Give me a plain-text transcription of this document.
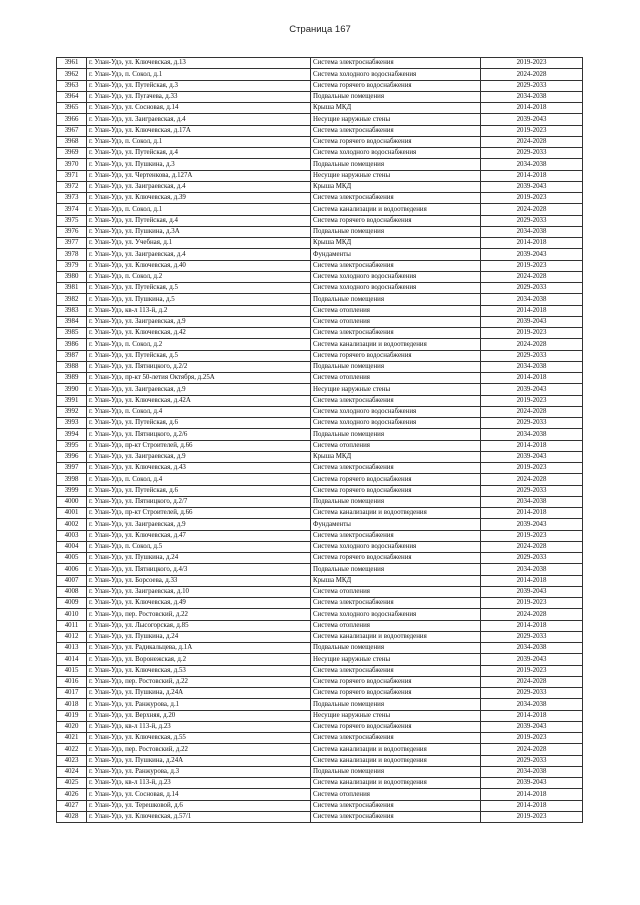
Страница 167
3961	г. Улан-Удэ, ул. Ключевская, д.13	Система электроснабжения	2019-2023
3962	г. Улан-Удэ, п. Сокол, д.1	Система холодного водоснабжения	2024-2028
3963	г. Улан-Удэ, ул. Путейская, д.3	Система горячего водоснабжения	2029-2033
3964	г. Улан-Удэ, ул. Пугачева, д.33	Подвальные помещения	2034-2038
3965	г. Улан-Удэ, ул. Сосновая, д.14	Крыша МКД	2014-2018
3966	г. Улан-Удэ, ул. Заиграевская, д.4	Несущие наружные стены	2039-2043
3967	г. Улан-Удэ, ул. Ключевская, д.17А	Система электроснабжения	2019-2023
3968	г. Улан-Удэ, п. Сокол, д.1	Система горячего водоснабжения	2024-2028
3969	г. Улан-Удэ, ул. Путейская, д.4	Система холодного водоснабжения	2029-2033
3970	г. Улан-Удэ, ул. Пушкина, д.3	Подвальные помещения	2034-2038
3971	г. Улан-Удэ, ул. Чертенкова, д.127А	Несущие наружные стены	2014-2018
3972	г. Улан-Удэ, ул. Заиграевская, д.4	Крыша МКД	2039-2043
3973	г. Улан-Удэ, ул. Ключевская, д.39	Система электроснабжения	2019-2023
3974	г. Улан-Удэ, п. Сокол, д.1	Система канализации и водоотведения	2024-2028
3975	г. Улан-Удэ, ул. Путейская, д.4	Система горячего водоснабжения	2029-2033
3976	г. Улан-Удэ, ул. Пушкина, д.3А	Подвальные помещения	2034-2038
3977	г. Улан-Удэ, ул. Учебная, д.1	Крыша МКД	2014-2018
3978	г. Улан-Удэ, ул. Заиграевская, д.4	Фундаменты	2039-2043
3979	г. Улан-Удэ, ул. Ключевская, д.40	Система электроснабжения	2019-2023
3980	г. Улан-Удэ, п. Сокол, д.2	Система холодного водоснабжения	2024-2028
3981	г. Улан-Удэ, ул. Путейская, д.5	Система холодного водоснабжения	2029-2033
3982	г. Улан-Удэ, ул. Пушкина, д.5	Подвальные помещения	2034-2038
3983	г. Улан-Удэ, кв-л 113-й, д.2	Система отопления	2014-2018
3984	г. Улан-Удэ, ул. Заиграевская, д.9	Система отопления	2039-2043
3985	г. Улан-Удэ, ул. Ключевская, д.42	Система электроснабжения	2019-2023
3986	г. Улан-Удэ, п. Сокол, д.2	Система канализации и водоотведения	2024-2028
3987	г. Улан-Удэ, ул. Путейская, д.5	Система горячего водоснабжения	2029-2033
3988	г. Улан-Удэ, ул. Пятницкого, д.2/2	Подвальные помещения	2034-2038
3989	г. Улан-Удэ, пр-кт 50-летия Октября, д.25А	Система отопления	2014-2018
3990	г. Улан-Удэ, ул. Заиграевская, д.9	Несущие наружные стены	2039-2043
3991	г. Улан-Удэ, ул. Ключевская, д.42А	Система электроснабжения	2019-2023
3992	г. Улан-Удэ, п. Сокол, д.4	Система холодного водоснабжения	2024-2028
3993	г. Улан-Удэ, ул. Путейская, д.6	Система холодного водоснабжения	2029-2033
3994	г. Улан-Удэ, ул. Пятницкого, д.2/6	Подвальные помещения	2034-2038
3995	г. Улан-Удэ, пр-кт Строителей, д.66	Система отопления	2014-2018
3996	г. Улан-Удэ, ул. Заиграевская, д.9	Крыша МКД	2039-2043
3997	г. Улан-Удэ, ул. Ключевская, д.43	Система электроснабжения	2019-2023
3998	г. Улан-Удэ, п. Сокол, д.4	Система горячего водоснабжения	2024-2028
3999	г. Улан-Удэ, ул. Путейская, д.6	Система горячего водоснабжения	2029-2033
4000	г. Улан-Удэ, ул. Пятницкого, д.2/7	Подвальные помещения	2034-2038
4001	г. Улан-Удэ, пр-кт Строителей, д.66	Система канализации и водоотведения	2014-2018
4002	г. Улан-Удэ, ул. Заиграевская, д.9	Фундаменты	2039-2043
4003	г. Улан-Удэ, ул. Ключевская, д.47	Система электроснабжения	2019-2023
4004	г. Улан-Удэ, п. Сокол, д.5	Система холодного водоснабжения	2024-2028
4005	г. Улан-Удэ, ул. Пушкина, д.24	Система горячего водоснабжения	2029-2033
4006	г. Улан-Удэ, ул. Пятницкого, д.4/3	Подвальные помещения	2034-2038
4007	г. Улан-Удэ, ул. Борсоева, д.33	Крыша МКД	2014-2018
4008	г. Улан-Удэ, ул. Заиграевская, д.10	Система отопления	2039-2043
4009	г. Улан-Удэ, ул. Ключевская, д.49	Система электроснабжения	2019-2023
4010	г. Улан-Удэ, пер. Ростовский, д.22	Система холодного водоснабжения	2024-2028
4011	г. Улан-Удэ, ул. Лысогорская, д.85	Система отопления	2014-2018
4012	г. Улан-Удэ, ул. Пушкина, д.24	Система канализации и водоотведения	2029-2033
4013	г. Улан-Удэ, ул. Радикальцева, д.1А	Подвальные помещения	2034-2038
4014	г. Улан-Удэ, ул. Воронежская, д.2	Несущие наружные стены	2039-2043
4015	г. Улан-Удэ, ул. Ключевская, д.53	Система электроснабжения	2019-2023
4016	г. Улан-Удэ, пер. Ростовский, д.22	Система горячего водоснабжения	2024-2028
4017	г. Улан-Удэ, ул. Пушкина, д.24А	Система горячего водоснабжения	2029-2033
4018	г. Улан-Удэ, ул. Ранжурова, д.1	Подвальные помещения	2034-2038
4019	г. Улан-Удэ, ул. Верхняя, д.20	Несущие наружные стены	2014-2018
4020	г. Улан-Удэ, кв-л 113-й, д.23	Система горячего водоснабжения	2039-2043
4021	г. Улан-Удэ, ул. Ключевская, д.55	Система электроснабжения	2019-2023
4022	г. Улан-Удэ, пер. Ростовский, д.22	Система канализации и водоотведения	2024-2028
4023	г. Улан-Удэ, ул. Пушкина, д.24А	Система канализации и водоотведения	2029-2033
4024	г. Улан-Удэ, ул. Ранжурова, д.3	Подвальные помещения	2034-2038
4025	г. Улан-Удэ, кв-л 113-й, д.23	Система канализации и водоотведения	2039-2043
4026	г. Улан-Удэ, ул. Сосновая, д.14	Система отопления	2014-2018
4027	г. Улан-Удэ, ул. Терешковой, д.6	Система электроснабжения	2014-2018
4028	г. Улан-Удэ, ул. Ключевская, д.57/1	Система электроснабжения	2019-2023
